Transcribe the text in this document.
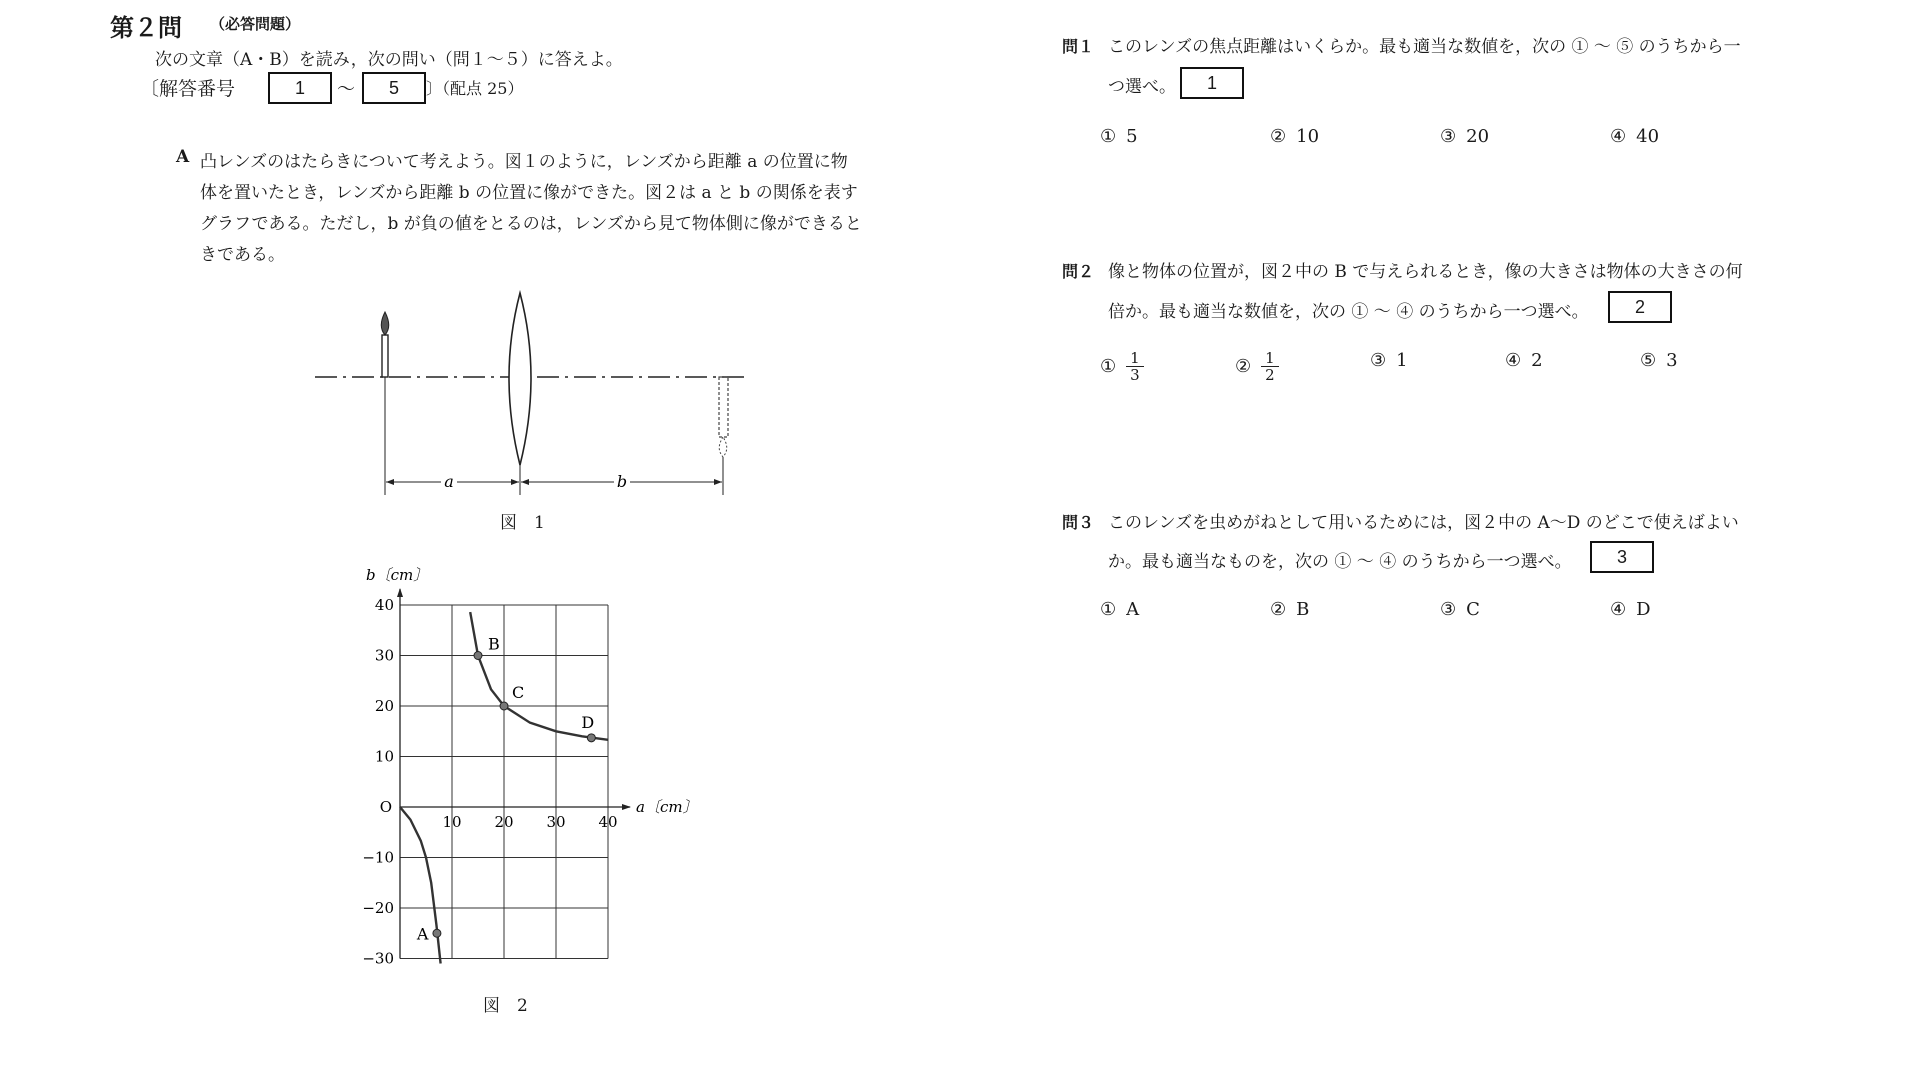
第２問 （必答問題）
次の文章（A・B）を読み，次の問い（問１～５）に答えよ。
〔解答番号	1	～	5	〕（配点 25）
A 凸レンズのはたらきについて考えよう。図１のように，レンズから距離 a の位置に物
体を置いたとき，レンズから距離 b の位置に像ができた。図２は a と b の関係を表す
グラフである。ただし，b が負の値をとるのは，レンズから見て物体側に像ができると
きである。
a	b
図　1
A
B
C
D
10 20 30 40
40
30
20
10
−10
−20
−30
O
b〔cm〕
a〔cm〕
図　2
問１ このレンズの焦点距離はいくらか。最も適当な数値を，次の ① ～ ⑤ のうちから一
つ選べ。	1
① 5	② 10	③ 20	④ 40
問２ 像と物体の位置が，図２中の B で与えられるとき，像の大きさは物体の大きさの何
倍か。最も適当な数値を，次の ① ～ ④ のうちから一つ選べ。	2
① $\frac{1}{3}$	② $\frac{1}{2}$	③ 1	④ 2	⑤ 3
問３ このレンズを虫めがねとして用いるためには，図２中の A～D のどこで使えばよい
か。最も適当なものを，次の ① ～ ④ のうちから一つ選べ。	3
① A	② B	③ C	④ D
